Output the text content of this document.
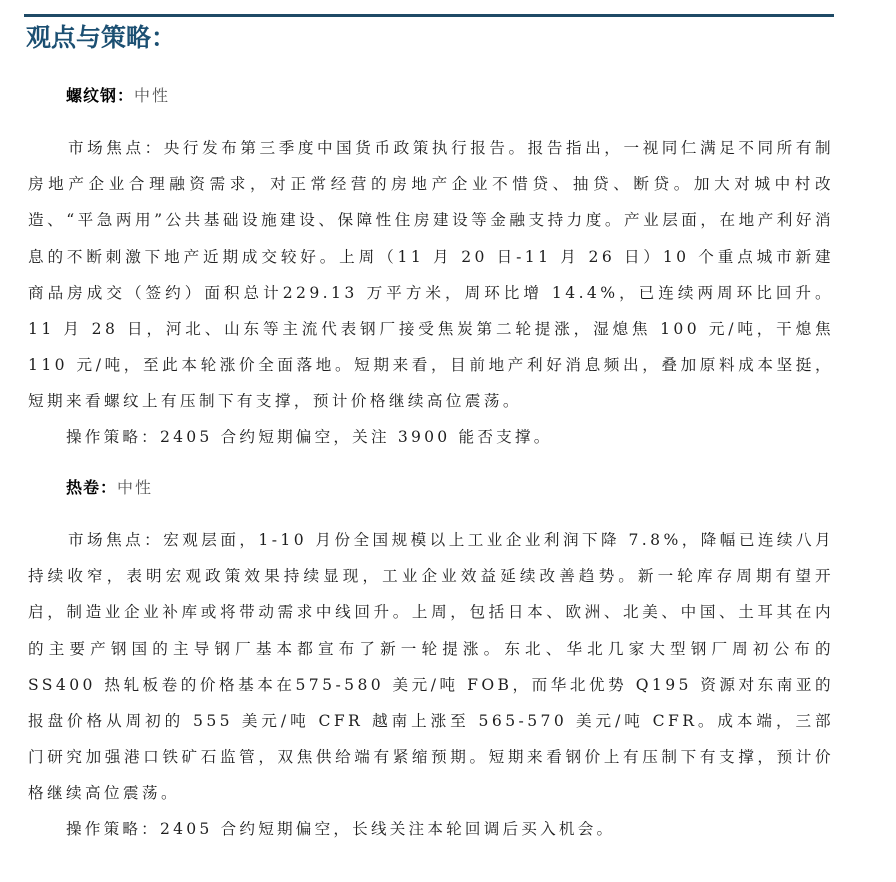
观点与策略：
螺纹钢：中性

市场焦点：央行发布第三季度中国货币政策执行报告。报告指出，一视同仁满足不同所有制房地产企业合理融资需求，对正常经营的房地产企业不惜贷、抽贷、断贷。加大对城中村改造、“平急两用”公共基础设施建设、保障性住房建设等金融支持力度。产业层面，在地产利好消息的不断刺激下地产近期成交较好。上周（11 月 20 日-11 月 26 日）10 个重点城市新建商品房成交（签约）面积总计229.13 万平方米，周环比增 14.4%，已连续两周环比回升。11 月 28 日，河北、山东等主流代表钢厂接受焦炭第二轮提涨，湿熄焦 100 元/吨，干熄焦 110 元/吨，至此本轮涨价全面落地。短期来看，目前地产利好消息频出，叠加原料成本坚挺，短期来看螺纹上有压制下有支撑，预计价格继续高位震荡。

操作策略：2405 合约短期偏空，关注 3900 能否支撑。
热卷：中性

市场焦点：宏观层面，1-10 月份全国规模以上工业企业利润下降 7.8%，降幅已连续八月持续收窄，表明宏观政策效果持续显现，工业企业效益延续改善趋势。新一轮库存周期有望开启，制造业企业补库或将带动需求中线回升。上周，包括日本、欧洲、北美、中国、土耳其在内的主要产钢国的主导钢厂基本都宣布了新一轮提涨。东北、华北几家大型钢厂周初公布的 SS400 热轧板卷的价格基本在575-580 美元/吨 FOB，而华北优势 Q195 资源对东南亚的报盘价格从周初的 555 美元/吨 CFR 越南上涨至 565-570 美元/吨 CFR。成本端，三部门研究加强港口铁矿石监管，双焦供给端有紧缩预期。短期来看钢价上有压制下有支撑，预计价格继续高位震荡。

操作策略：2405 合约短期偏空，长线关注本轮回调后买入机会。
